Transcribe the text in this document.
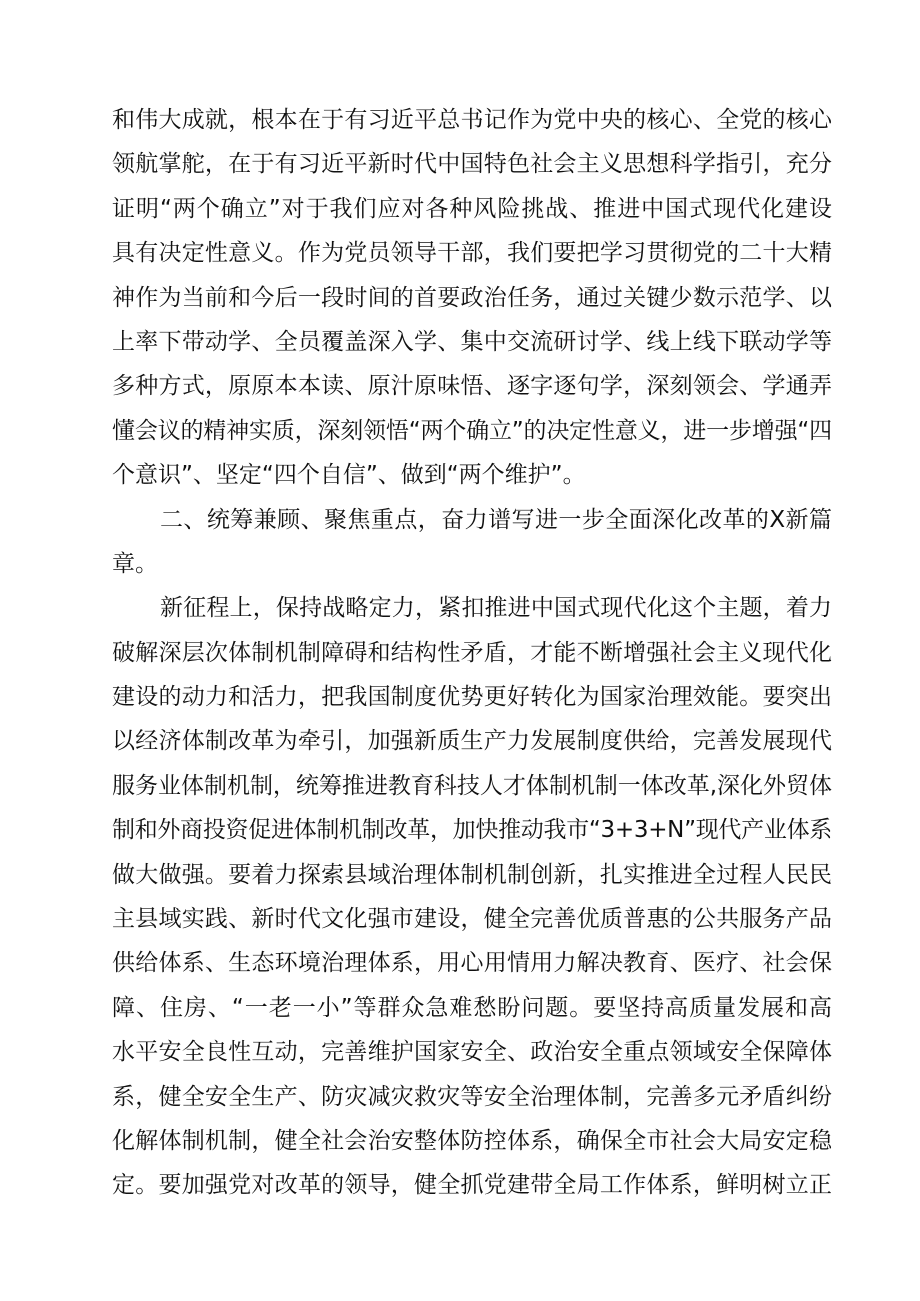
和伟大成就，根本在于有习近平总书记作为党中央的核心、全党的核心
领航掌舵，在于有习近平新时代中国特色社会主义思想科学指引，充分
证明“两个确立”对于我们应对各种风险挑战、推进中国式现代化建设
具有决定性意义。作为党员领导干部，我们要把学习贯彻党的二十大精
神作为当前和今后一段时间的首要政治任务，通过关键少数示范学、以
上率下带动学、全员覆盖深入学、集中交流研讨学、线上线下联动学等
多种方式，原原本本读、原汁原味悟、逐字逐句学，深刻领会、学通弄
懂会议的精神实质，深刻领悟“两个确立”的决定性意义，进一步增强“四
个意识”、坚定“四个自信”、做到“两个维护”。
二、统筹兼顾、聚焦重点，奋力谱写进一步全面深化改革的X新篇
章。
新征程上，保持战略定力，紧扣推进中国式现代化这个主题，着力
破解深层次体制机制障碍和结构性矛盾，才能不断增强社会主义现代化
建设的动力和活力，把我国制度优势更好转化为国家治理效能。要突出
以经济体制改革为牵引，加强新质生产力发展制度供给，完善发展现代
服务业体制机制，统筹推进教育科技人才体制机制一体改革,深化外贸体
制和外商投资促进体制机制改革，加快推动我市“3+3+N”现代产业体系
做大做强。要着力探索县域治理体制机制创新，扎实推进全过程人民民
主县域实践、新时代文化强市建设，健全完善优质普惠的公共服务产品
供给体系、生态环境治理体系，用心用情用力解决教育、医疗、社会保
障、住房、“一老一小”等群众急难愁盼问题。要坚持高质量发展和高
水平安全良性互动，完善维护国家安全、政治安全重点领域安全保障体
系，健全安全生产、防灾减灾救灾等安全治理体制，完善多元矛盾纠纷
化解体制机制，健全社会治安整体防控体系，确保全市社会大局安定稳
定。要加强党对改革的领导，健全抓党建带全局工作体系，鲜明树立正
